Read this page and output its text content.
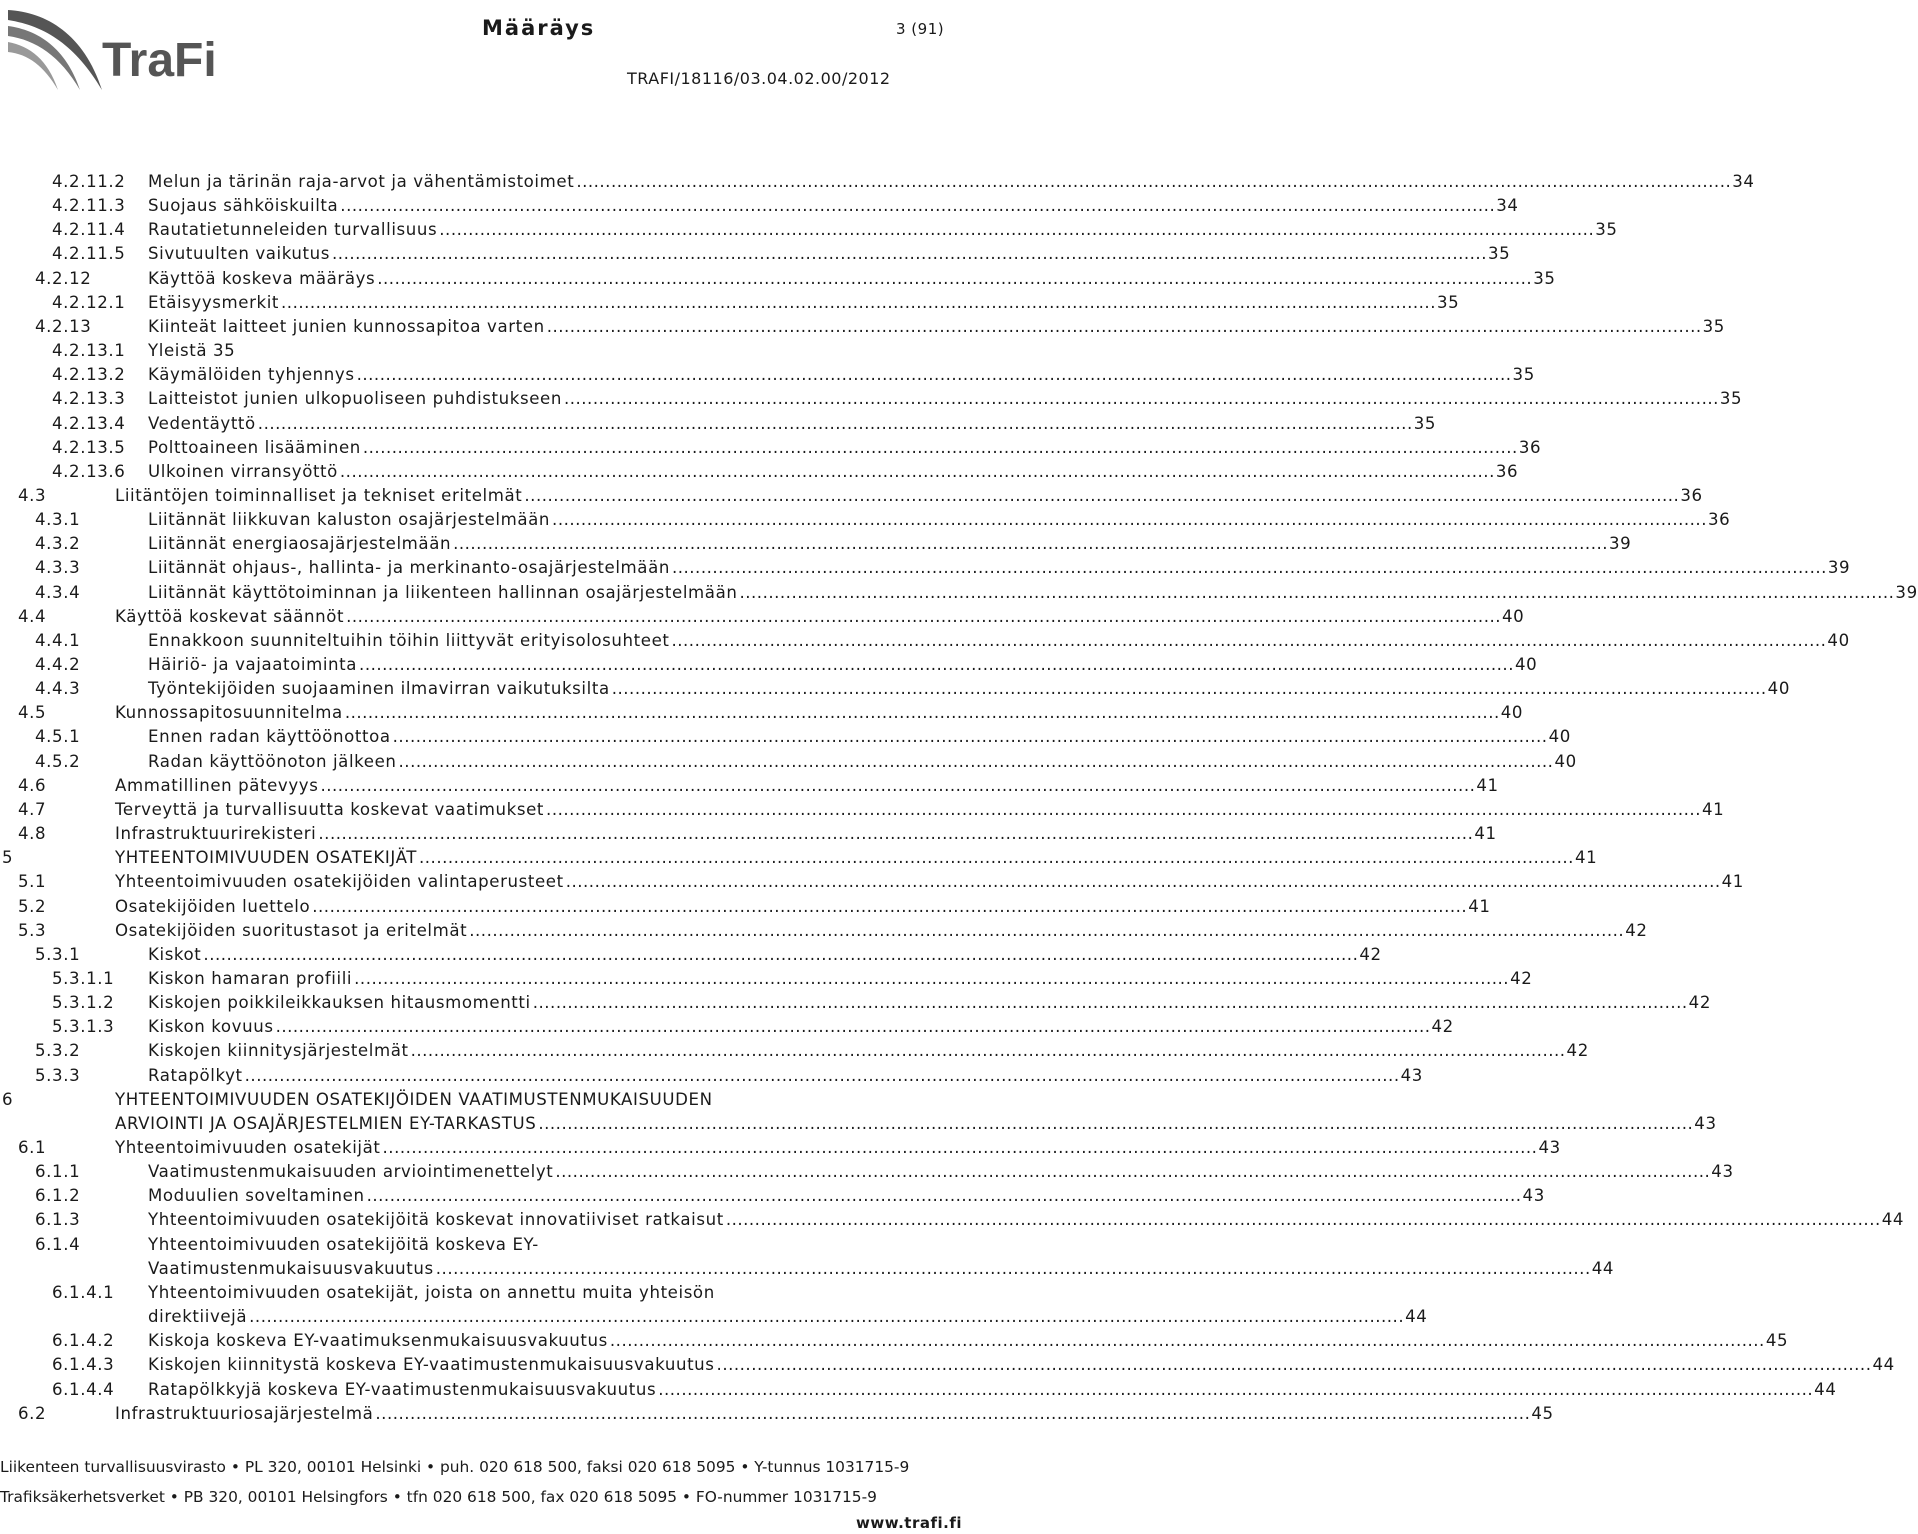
TraFi
Määräys	3 (91)
TRAFI/18116/03.04.02.00/2012
4.2.11.2 Melun ja tärinän raja-arvot ja vähentämistoimet ........................................................................................................................................................................................................ 34
4.2.11.3 Suojaus sähköiskuilta ........................................................................................................................................................................................................ 34
4.2.11.4 Rautatietunneleiden turvallisuus ........................................................................................................................................................................................................ 35
4.2.11.5 Sivutuulten vaikutus ........................................................................................................................................................................................................ 35
4.2.12	Käyttöä koskeva määräys ........................................................................................................................................................................................................ 35
4.2.12.1 Etäisyysmerkit ........................................................................................................................................................................................................ 35
4.2.13	Kiinteät laitteet junien kunnossapitoa varten ........................................................................................................................................................................................................ 35
4.2.13.1 Yleistä 35
4.2.13.2 Käymälöiden tyhjennys ........................................................................................................................................................................................................ 35
4.2.13.3 Laitteistot junien ulkopuoliseen puhdistukseen ........................................................................................................................................................................................................ 35
4.2.13.4 Vedentäyttö ........................................................................................................................................................................................................ 35
4.2.13.5 Polttoaineen lisääminen ........................................................................................................................................................................................................ 36
4.2.13.6 Ulkoinen virransyöttö ........................................................................................................................................................................................................ 36
4.3	Liitäntöjen toiminnalliset ja tekniset eritelmät ........................................................................................................................................................................................................ 36
4.3.1	Liitännät liikkuvan kaluston osajärjestelmään ........................................................................................................................................................................................................ 36
4.3.2	Liitännät energiaosajärjestelmään ........................................................................................................................................................................................................ 39
4.3.3	Liitännät ohjaus-, hallinta- ja merkinanto-osajärjestelmään ........................................................................................................................................................................................................ 39
4.3.4	Liitännät käyttötoiminnan ja liikenteen hallinnan osajärjestelmään ........................................................................................................................................................................................................ 39
4.4	Käyttöä koskevat säännöt ........................................................................................................................................................................................................ 40
4.4.1	Ennakkoon suunniteltuihin töihin liittyvät erityisolosuhteet ........................................................................................................................................................................................................ 40
4.4.2	Häiriö- ja vajaatoiminta ........................................................................................................................................................................................................ 40
4.4.3	Työntekijöiden suojaaminen ilmavirran vaikutuksilta ........................................................................................................................................................................................................ 40
4.5	Kunnossapitosuunnitelma ........................................................................................................................................................................................................ 40
4.5.1	Ennen radan käyttöönottoa ........................................................................................................................................................................................................ 40
4.5.2	Radan käyttöönoton jälkeen ........................................................................................................................................................................................................ 40
4.6	Ammatillinen pätevyys ........................................................................................................................................................................................................ 41
4.7	Terveyttä ja turvallisuutta koskevat vaatimukset ........................................................................................................................................................................................................ 41
4.8	Infrastruktuurirekisteri ........................................................................................................................................................................................................ 41
5	YHTEENTOIMIVUUDEN OSATEKIJÄT ........................................................................................................................................................................................................ 41
5.1	Yhteentoimivuuden osatekijöiden valintaperusteet ........................................................................................................................................................................................................ 41
5.2	Osatekijöiden luettelo ........................................................................................................................................................................................................ 41
5.3	Osatekijöiden suoritustasot ja eritelmät ........................................................................................................................................................................................................ 42
5.3.1	Kiskot ........................................................................................................................................................................................................ 42
5.3.1.1 Kiskon hamaran profiili ........................................................................................................................................................................................................ 42
5.3.1.2 Kiskojen poikkileikkauksen hitausmomentti ........................................................................................................................................................................................................ 42
5.3.1.3 Kiskon kovuus ........................................................................................................................................................................................................ 42
5.3.2	Kiskojen kiinnitysjärjestelmät ........................................................................................................................................................................................................ 42
5.3.3	Ratapölkyt ........................................................................................................................................................................................................ 43
6	YHTEENTOIMIVUUDEN OSATEKIJÖIDEN VAATIMUSTENMUKAISUUDEN
ARVIOINTI JA OSAJÄRJESTELMIEN EY-TARKASTUS ........................................................................................................................................................................................................ 43
6.1	Yhteentoimivuuden osatekijät ........................................................................................................................................................................................................ 43
6.1.1	Vaatimustenmukaisuuden arviointimenettelyt ........................................................................................................................................................................................................ 43
6.1.2	Moduulien soveltaminen ........................................................................................................................................................................................................ 43
6.1.3	Yhteentoimivuuden osatekijöitä koskevat innovatiiviset ratkaisut ........................................................................................................................................................................................................ 44
6.1.4	Yhteentoimivuuden osatekijöitä koskeva EY-
Vaatimustenmukaisuusvakuutus ........................................................................................................................................................................................................ 44
6.1.4.1 Yhteentoimivuuden osatekijät, joista on annettu muita yhteisön
direktiivejä ........................................................................................................................................................................................................ 44
6.1.4.2 Kiskoja koskeva EY-vaatimuksenmukaisuusvakuutus ........................................................................................................................................................................................................ 45
6.1.4.3 Kiskojen kiinnitystä koskeva EY-vaatimustenmukaisuusvakuutus ........................................................................................................................................................................................................ 44
6.1.4.4 Ratapölkkyjä koskeva EY-vaatimustenmukaisuusvakuutus ........................................................................................................................................................................................................ 44
6.2	Infrastruktuuriosajärjestelmä ........................................................................................................................................................................................................ 45
Liikenteen turvallisuusvirasto • PL 320, 00101 Helsinki • puh. 020 618 500, faksi 020 618 5095 • Y-tunnus 1031715-9
Trafiksäkerhetsverket • PB 320, 00101 Helsingfors • tfn 020 618 500, fax 020 618 5095 • FO-nummer 1031715-9
www.trafi.fi
